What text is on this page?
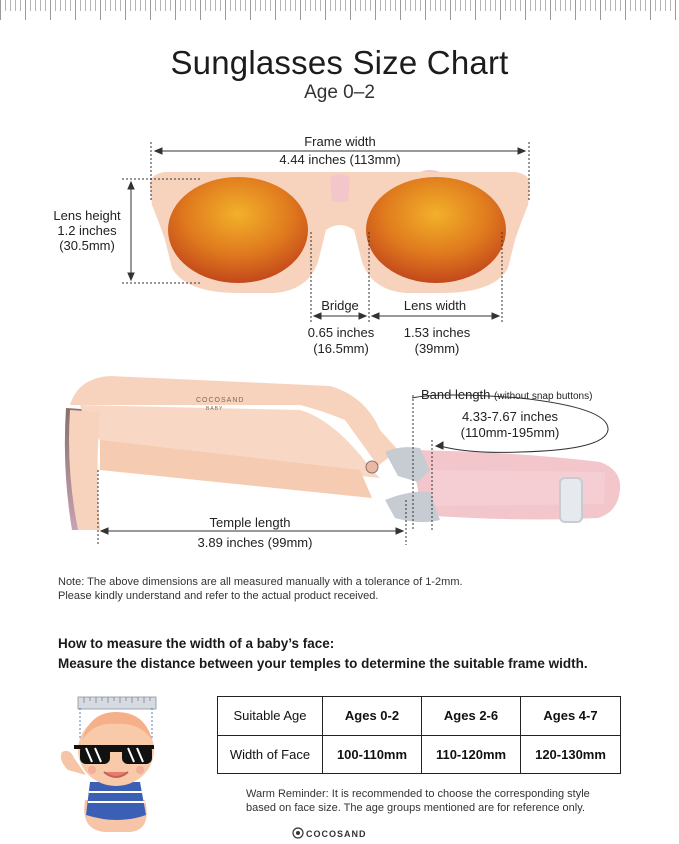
Sunglasses Size Chart
Age 0–2
COCOSAND
BABY
Frame width
4.44 inches (113mm)
Lens height
1.2 inches
(30.5mm)
Bridge
0.65 inches
(16.5mm)
Lens width
1.53 inches
(39mm)
Band length (without snap buttons)
4.33-7.67 inches
(110mm-195mm)
Temple length
3.89 inches (99mm)
Note: The above dimensions are all measured manually with a tolerance of 1-2mm.
Please kindly understand and refer to the actual product received.
How to measure the width of a baby’s face:
Measure the distance between your temples to determine the suitable frame width.
Suitable Age	Ages 0-2	Ages 2-6	Ages 4-7
Width of Face	100-110mm	110-120mm	120-130mm
Warm Reminder: It is recommended to choose the corresponding style
based on face size. The age groups mentioned are for reference only.
COCOSAND
